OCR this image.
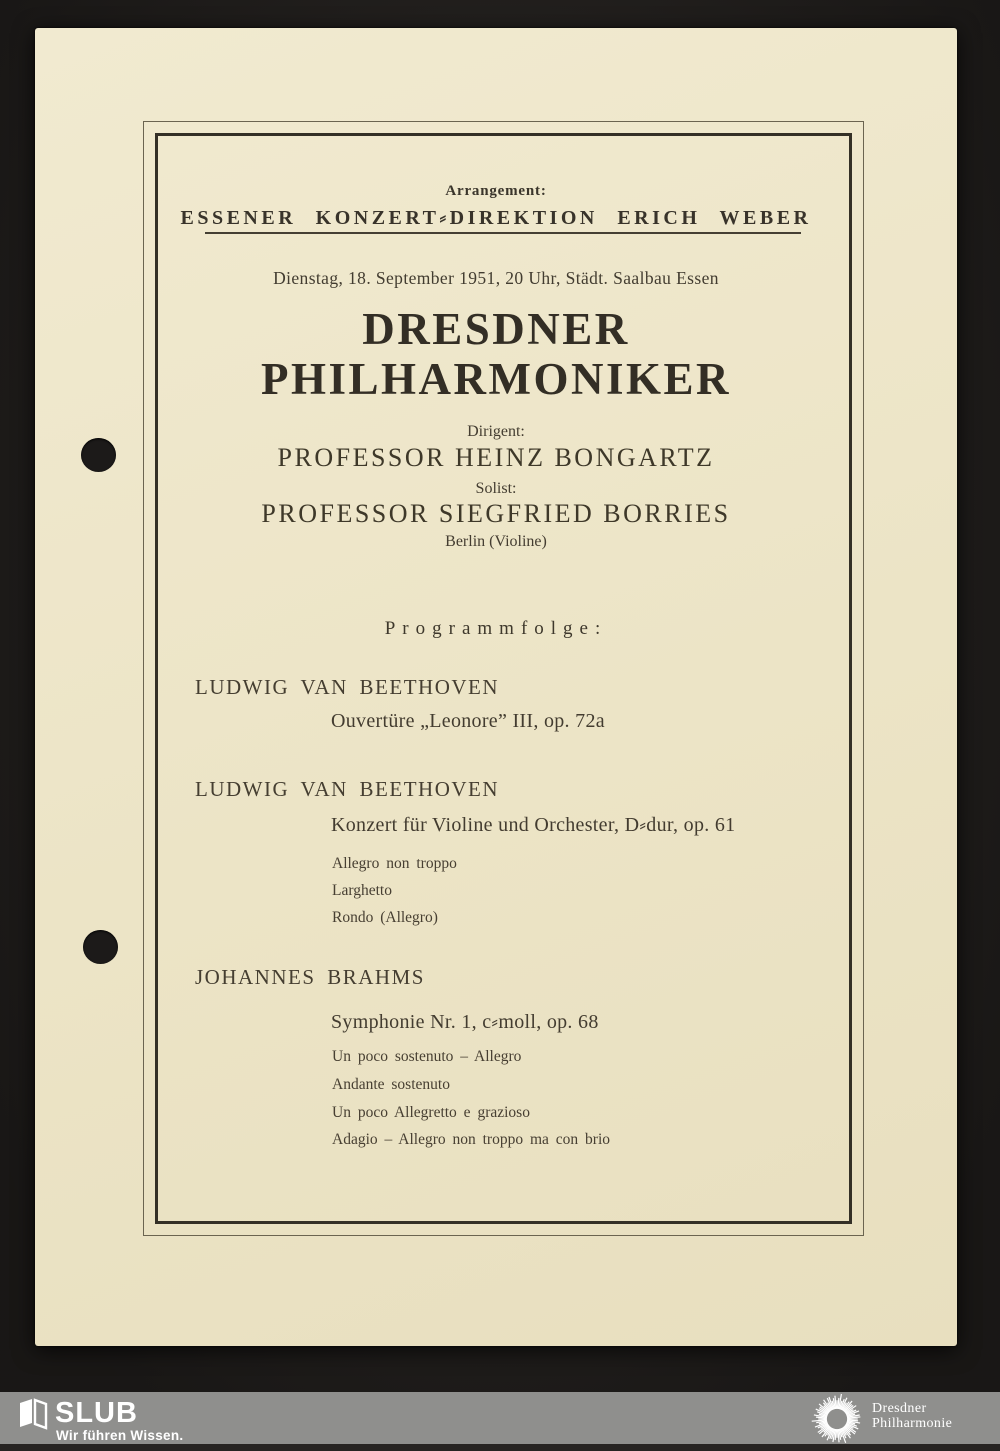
Arrangement:
ESSENER KONZERT⸗DIREKTION ERICH WEBER
Dienstag, 18. September 1951, 20 Uhr, Städt. Saalbau Essen
DRESDNER
PHILHARMONIKER
Dirigent:
PROFESSOR HEINZ BONGARTZ
Solist:
PROFESSOR SIEGFRIED BORRIES
Berlin (Violine)
Programmfolge:
LUDWIG VAN BEETHOVEN
Ouvertüre „Leonore” III, op. 72a
LUDWIG VAN BEETHOVEN
Konzert für Violine und Orchester, D⸗dur, op. 61
Allegro non troppo
Larghetto
Rondo (Allegro)
JOHANNES BRAHMS
Symphonie Nr. 1, c⸗moll, op. 68
Un poco sostenuto – Allegro
Andante sostenuto
Un poco Allegretto e grazioso
Adagio – Allegro non troppo ma con brio
SLUB
Wir führen Wissen.
Dresdner
Philharmonie
